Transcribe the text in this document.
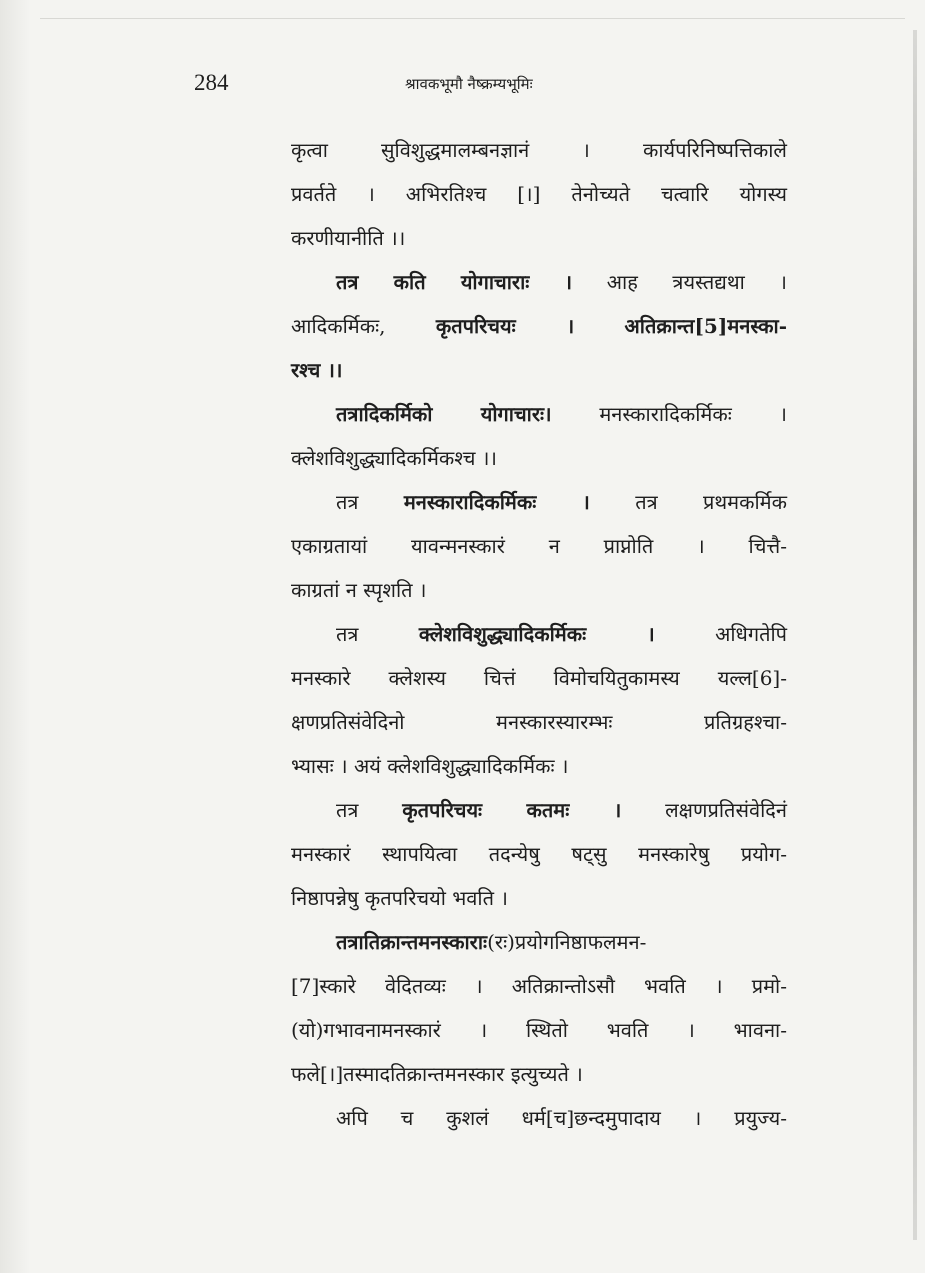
284	श्रावकभूमौ नैष्क्रम्यभूमिः
कृत्वा सुविशुद्धमालम्बनज्ञानं । कार्यपरिनिष्पत्तिकाले
प्रवर्तते । अभिरतिश्च [।] तेनोच्यते चत्वारि योगस्य
करणीयानीति ।।
तत्र कति योगाचाराः । आह त्रयस्तद्यथा ।
आदिकर्मिकः,	कृतपरिचयः ।	अतिक्रान्त[5]मनस्का-
रश्च ।।
तत्रादिकर्मिको योगाचारः। मनस्कारादिकर्मिकः ।
क्लेशविशुद्ध्यादिकर्मिकश्च ।।
तत्र मनस्कारादिकर्मिकः । तत्र प्रथमकर्मिक
एकाग्रतायां यावन्मनस्कारं न प्राप्नोति । चित्तै-
काग्रतां न स्पृशति ।
तत्र	क्लेशविशुद्ध्यादिकर्मिकः ।	अधिगतेपि
मनस्कारे क्लेशस्य चित्तं विमोचयितुकामस्य यल्ल[6]-
क्षणप्रतिसंवेदिनो मनस्कारस्यारम्भः प्रतिग्रहश्चा-
भ्यासः । अयं क्लेशविशुद्ध्यादिकर्मिकः ।
तत्र कृतपरिचयः कतमः । लक्षणप्रतिसंवेदिनं
मनस्कारं स्थापयित्वा तदन्येषु षट्सु मनस्कारेषु प्रयोग-
निष्ठापन्नेषु कृतपरिचयो भवति ।
तत्रातिक्रान्तमनस्काराः(रः)प्रयोगनिष्ठाफलमन-
[7]स्कारे वेदितव्यः । अतिक्रान्तोऽसौ भवति । प्रमो-
(यो)गभावनामनस्कारं । स्थितो भवति । भावना-
फले[।]तस्मादतिक्रान्तमनस्कार इत्युच्यते ।
अपि च कुशलं धर्म[च]छन्दमुपादाय । प्रयुज्य-
